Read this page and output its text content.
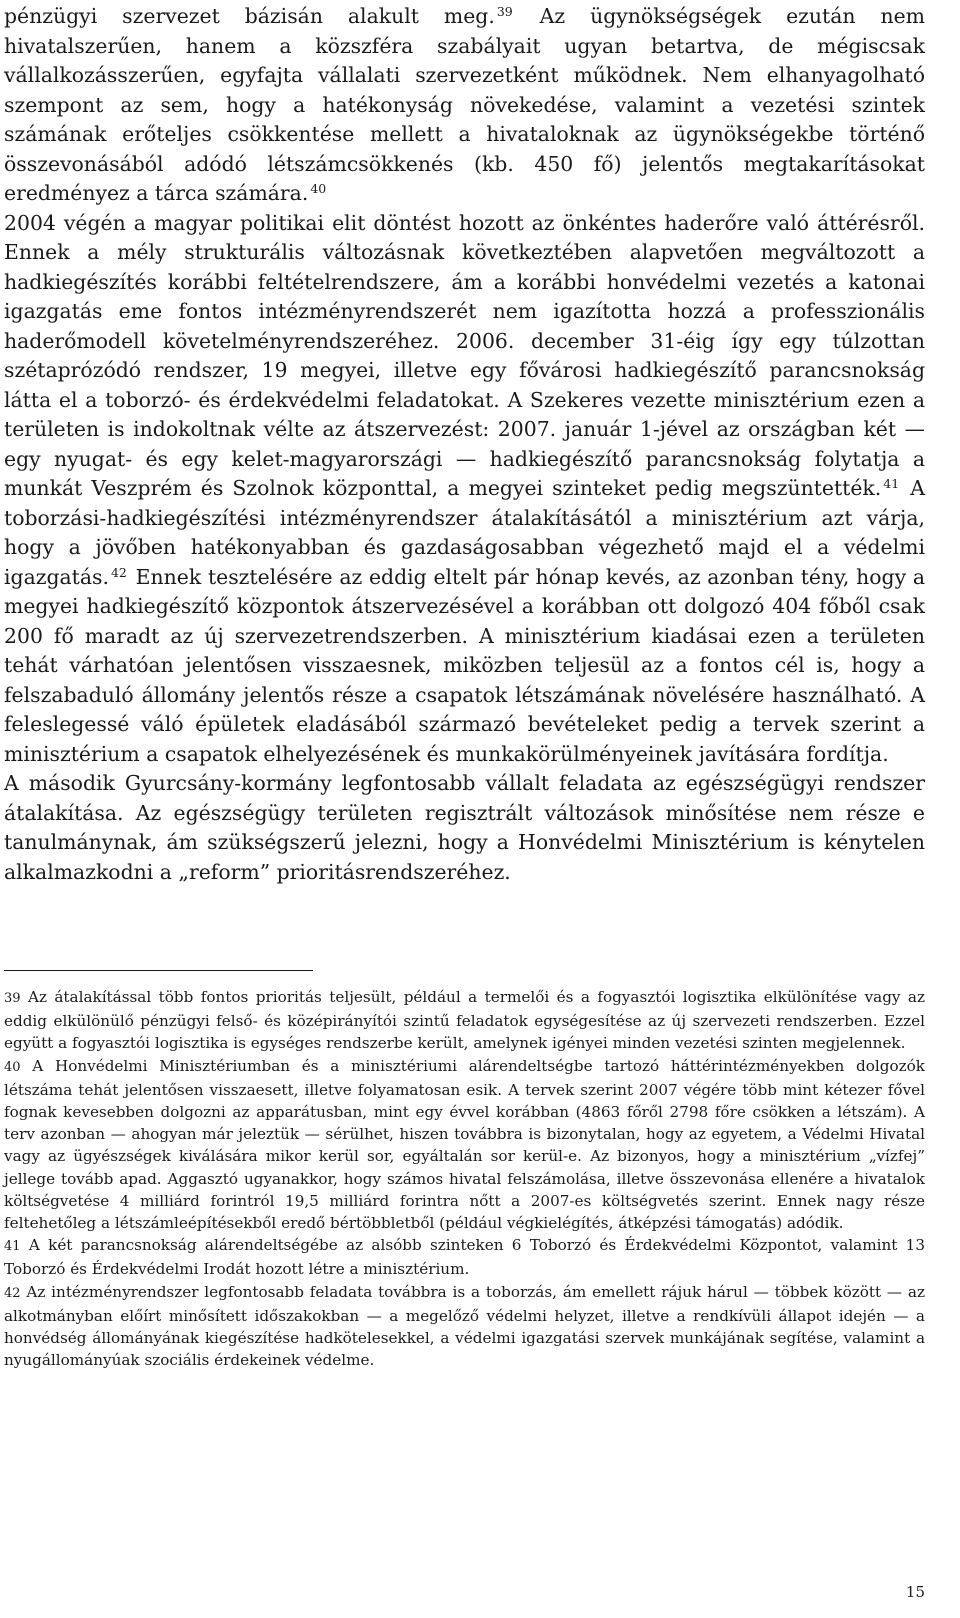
pénzügyi szervezet bázisán alakult meg. $^{39}$ Az ügynökségségek ezután nem hivatalszerűen, hanem a közszféra szabályait ugyan betartva, de mégiscsak vállalkozásszerűen, egyfajta vállalati szervezetként működnek. Nem elhanyagolható szempont az sem, hogy a hatékonyság növekedése, valamint a vezetési szintek számának erőteljes csökkentése mellett a hivataloknak az ügynökségekbe történő összevonásából adódó létszámcsökkenés (kb. 450 fő) jelentős megtakarításokat eredményez a tárca számára. $^{40}$

2004 végén a magyar politikai elit döntést hozott az önkéntes haderőre való áttérésről. Ennek a mély strukturális változásnak következtében alapvetően megváltozott a hadkiegészítés korábbi feltételrendszere, ám a korábbi honvédelmi vezetés a katonai igazgatás eme fontos intézményrendszerét nem igazította hozzá a professzionális haderőmodell követelményrendszeréhez. 2006. december 31-éig így egy túlzottan szétaprózódó rendszer, 19 megyei, illetve egy fővárosi hadkiegészítő parancsnokság látta el a toborzó- és érdekvédelmi feladatokat. A Szekeres vezette minisztérium ezen a területen is indokoltnak vélte az átszervezést: 2007. január 1-jével az országban két — egy nyugat- és egy kelet-magyarországi — hadkiegészítő parancsnokság folytatja a munkát Veszprém és Szolnok központtal, a megyei szinteket pedig megszüntették. $^{41}$ A toborzási-hadkiegészítési intézményrendszer átalakításától a minisztérium azt várja, hogy a jövőben hatékonyabban és gazdaságosabban végezhető majd el a védelmi igazgatás. $^{42}$ Ennek tesztelésére az eddig eltelt pár hónap kevés, az azonban tény, hogy a megyei hadkiegészítő központok átszervezésével a korábban ott dolgozó 404 főből csak 200 fő maradt az új szervezetrendszerben. A minisztérium kiadásai ezen a területen tehát várhatóan jelentősen visszaesnek, miközben teljesül az a fontos cél is, hogy a felszabaduló állomány jelentős része a csapatok létszámának növelésére használható. A feleslegessé váló épületek eladásából származó bevételeket pedig a tervek szerint a minisztérium a csapatok elhelyezésének és munkakörülményeinek javítására fordítja.

A második Gyurcsány-kormány legfontosabb vállalt feladata az egészségügyi rendszer átalakítása. Az egészségügy területen regisztrált változások minősítése nem része e tanulmánynak, ám szükségszerű jelezni, hogy a Honvédelmi Minisztérium is kénytelen alkalmazkodni a „reform” prioritásrendszeréhez.

39 Az átalakítással több fontos prioritás teljesült, például a termelői és a fogyasztói logisztika elkülönítése vagy az eddig elkülönülő pénzügyi felső- és középirányítói szintű feladatok egységesítése az új szervezeti rendszerben. Ezzel együtt a fogyasztói logisztika is egységes rendszerbe került, amelynek igényei minden vezetési szinten megjelennek.

40 A Honvédelmi Minisztériumban és a minisztériumi alárendeltségbe tartozó háttérintézményekben dolgozók létszáma tehát jelentősen visszaesett, illetve folyamatosan esik. A tervek szerint 2007 végére több mint kétezer fővel fognak kevesebben dolgozni az apparátusban, mint egy évvel korábban (4863 főről 2798 főre csökken a létszám). A terv azonban — ahogyan már jeleztük — sérülhet, hiszen továbbra is bizonytalan, hogy az egyetem, a Védelmi Hivatal vagy az ügyészségek kiválására mikor kerül sor, egyáltalán sor kerül-e. Az bizonyos, hogy a minisztérium „vízfej” jellege tovább apad. Aggasztó ugyanakkor, hogy számos hivatal felszámolása, illetve összevonása ellenére a hivatalok költségvetése 4 milliárd forintról 19,5 milliárd forintra nőtt a 2007-es költségvetés szerint. Ennek nagy része feltehetőleg a létszámleépítésekből eredő bértöbbletből (például végkielégítés, átképzési támogatás) adódik.

41 A két parancsnokság alárendeltségébe az alsóbb szinteken 6 Toborzó és Érdekvédelmi Központot, valamint 13 Toborzó és Érdekvédelmi Irodát hozott létre a minisztérium.

42 Az intézményrendszer legfontosabb feladata továbbra is a toborzás, ám emellett rájuk hárul — többek között — az alkotmányban előírt minősített időszakokban — a megelőző védelmi helyzet, illetve a rendkívüli állapot idején — a honvédség állományának kiegészítése hadkötelesekkel, a védelmi igazgatási szervek munkájának segítése, valamint a nyugállományúak szociális érdekeinek védelme.

15
